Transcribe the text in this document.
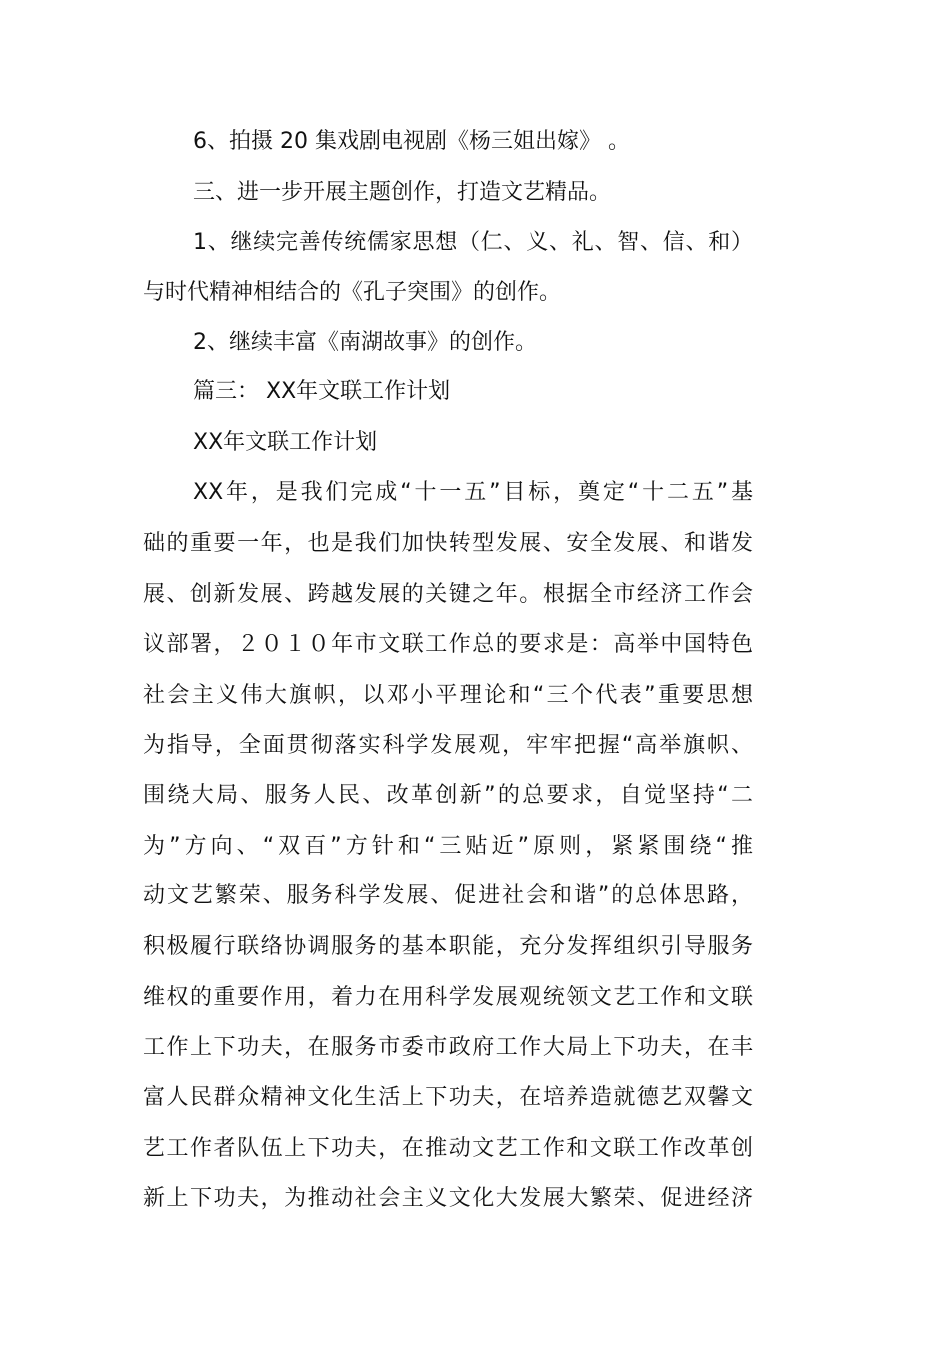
6、拍摄 20 集戏剧电视剧《杨三姐出嫁》 。
三、进一步开展主题创作，打造文艺精品。
1、继续完善传统儒家思想（仁、义、礼、智、信、和）
与时代精神相结合的《孔子突围》的创作。
2、继续丰富《南湖故事》的创作。
篇三： XX年文联工作计划
XX年文联工作计划
XX年，是我们完成“十一五”目标，奠定“十二五”基
础的重要一年，也是我们加快转型发展、安全发展、和谐发
展、创新发展、跨越发展的关键之年。根据全市经济工作会
议部署，２０１０年市文联工作总的要求是：高举中国特色
社会主义伟大旗帜，以邓小平理论和“三个代表”重要思想
为指导，全面贯彻落实科学发展观，牢牢把握“高举旗帜、
围绕大局、服务人民、改革创新”的总要求，自觉坚持“二
为”方向、“双百”方针和“三贴近”原则，紧紧围绕“推
动文艺繁荣、服务科学发展、促进社会和谐”的总体思路，
积极履行联络协调服务的基本职能，充分发挥组织引导服务
维权的重要作用，着力在用科学发展观统领文艺工作和文联
工作上下功夫，在服务市委市政府工作大局上下功夫，在丰
富人民群众精神文化生活上下功夫，在培养造就德艺双馨文
艺工作者队伍上下功夫，在推动文艺工作和文联工作改革创
新上下功夫，为推动社会主义文化大发展大繁荣、促进经济
